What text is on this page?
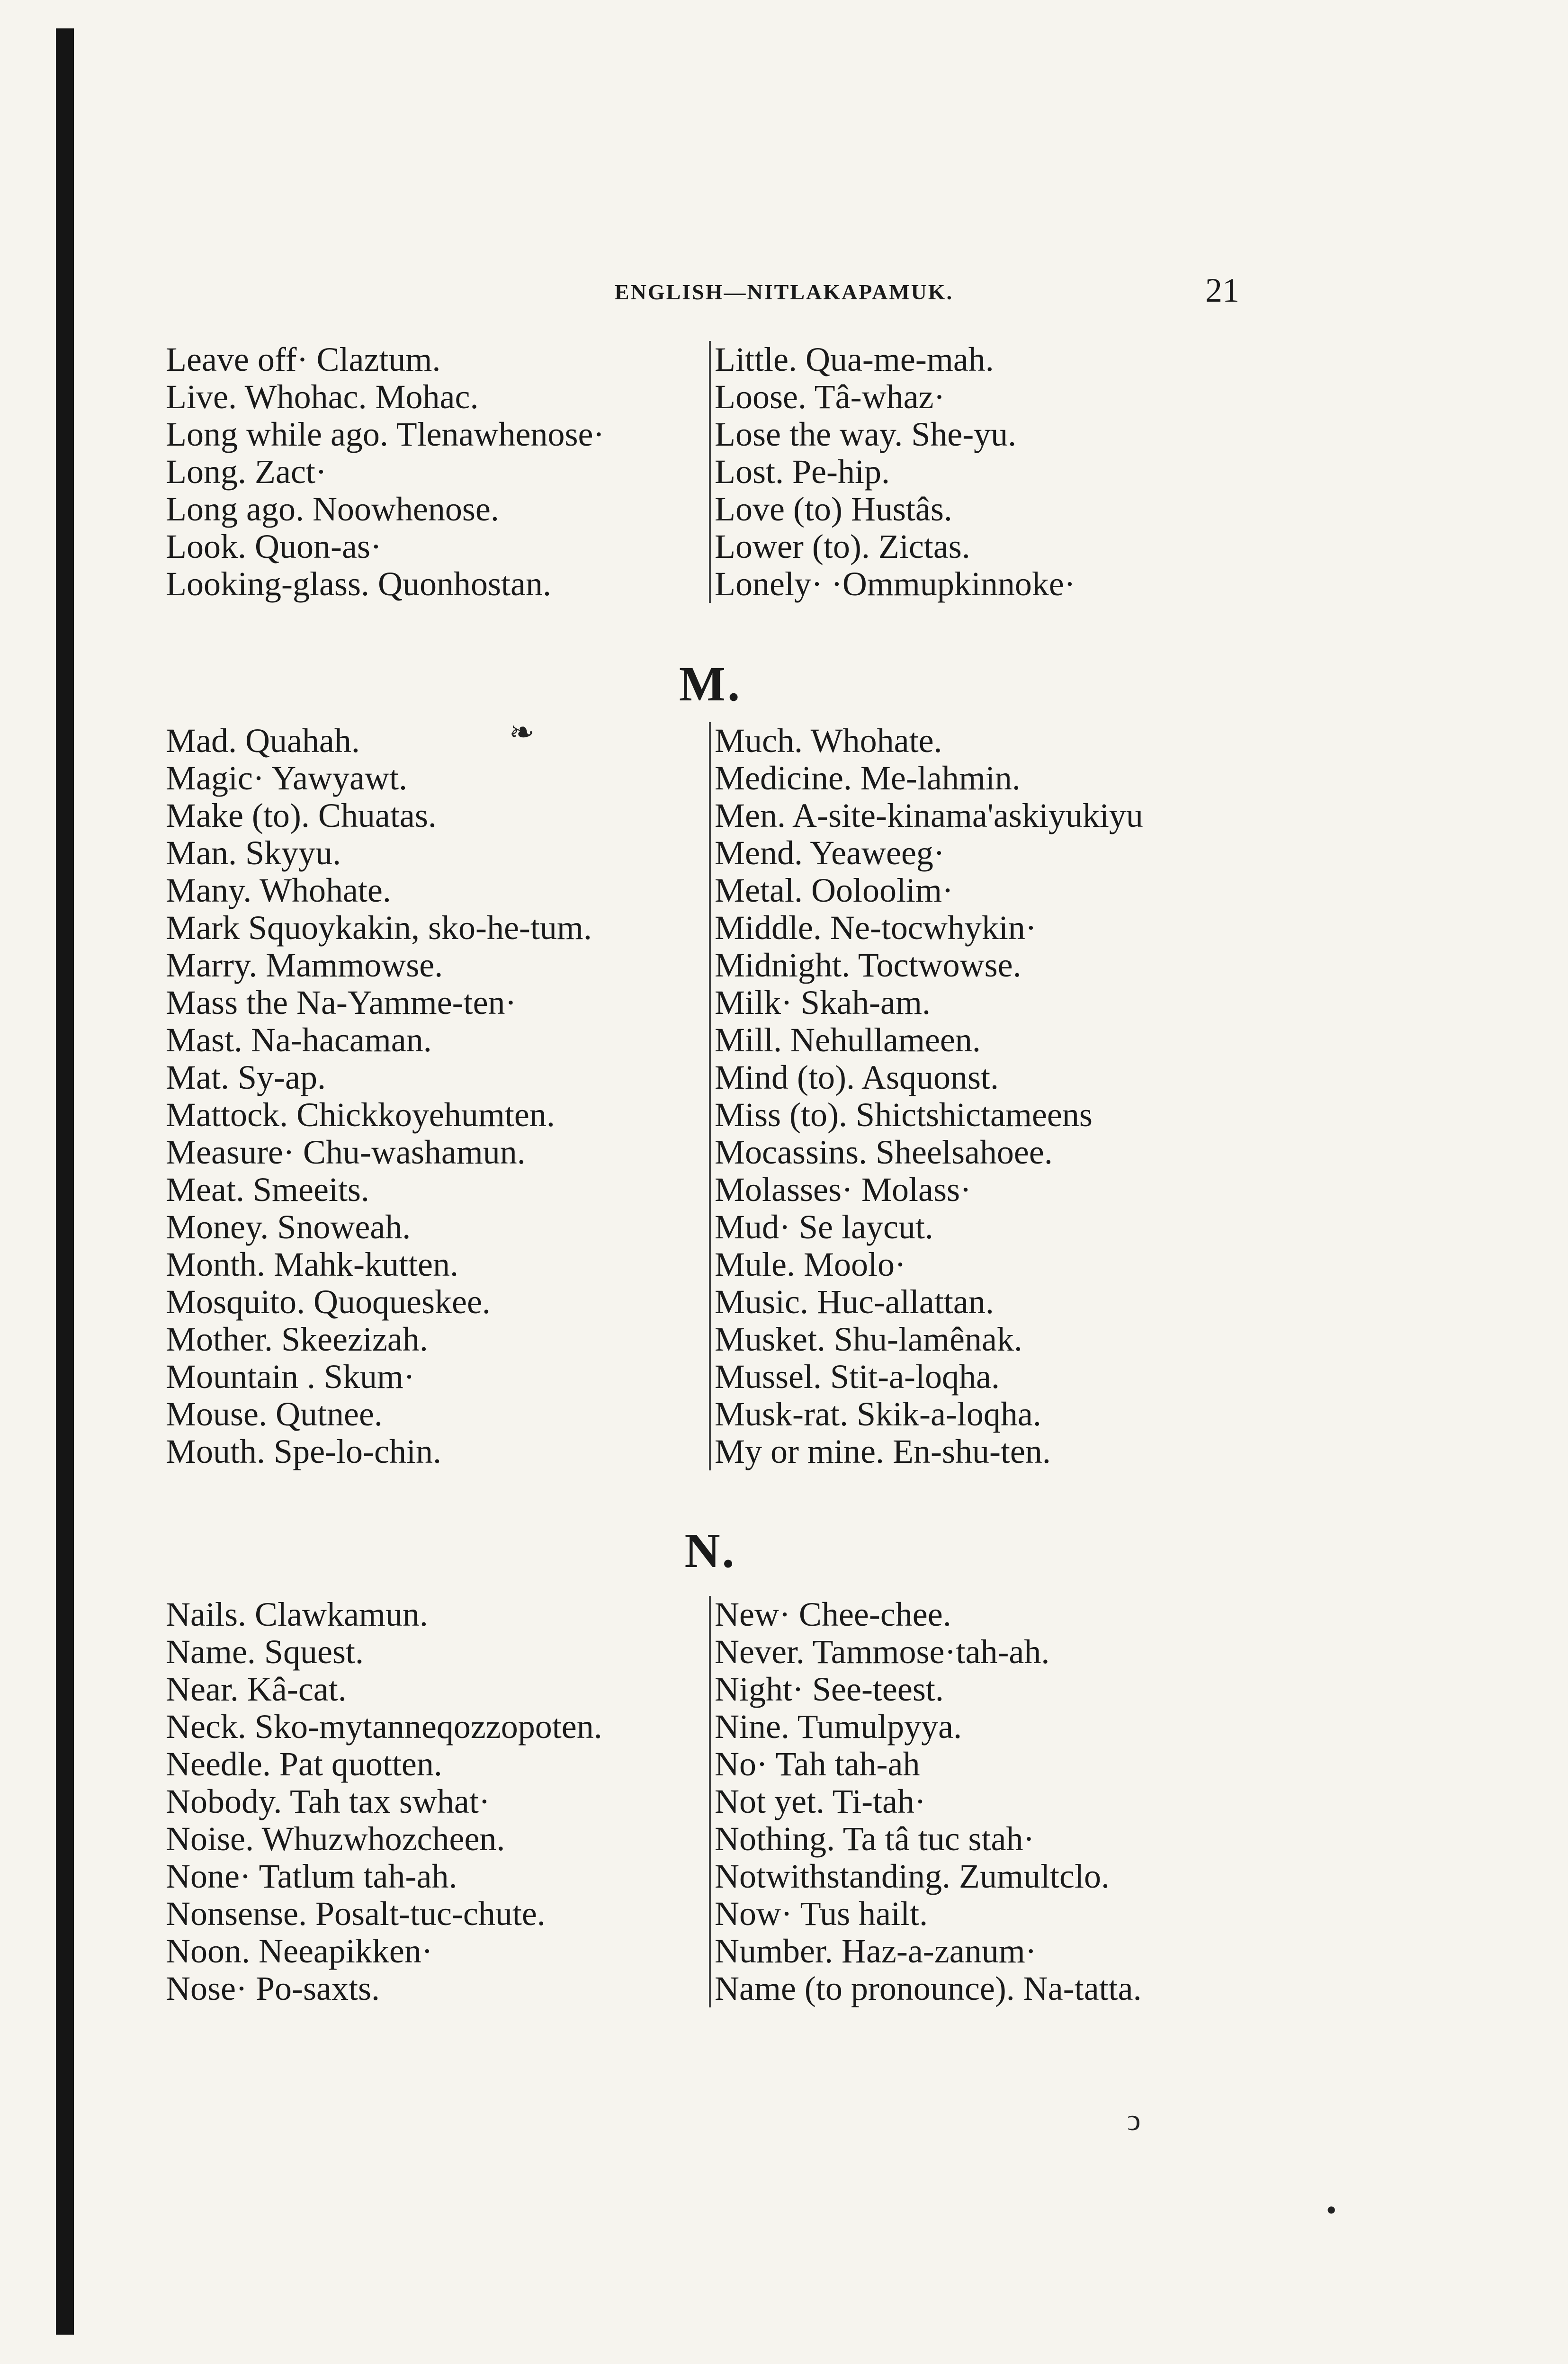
ENGLISH—NITLAKAPAMUK.	21
Leave off· Claztum.
Live. Whohac. Mohac.
Long while ago. Tlenawhenose·
Long. Zact·
Long ago. Noowhenose.
Look. Quon-as·
Looking-glass. Quonhostan.
Little. Qua-me-mah.
Loose. Tâ-whaz·
Lose the way. She-yu.
Lost. Pe-hip.
Love (to) Hustâs.
Lower (to). Zictas.
Lonely· ·Ommupkinnoke·
M.
Mad. Quahah.
Magic· Yawyawt.
Make (to). Chuatas.
Man. Skyyu.
Many. Whohate.
Mark Squoykakin, sko-he-tum.
Marry. Mammowse.
Mass the Na-Yamme-ten·
Mast. Na-hacaman.
Mat. Sy-ap.
Mattock. Chickkoyehumten.
Measure· Chu-washamun.
Meat. Smeeits.
Money. Snoweah.
Month. Mahk-kutten.
Mosquito. Quoqueskee.
Mother. Skeezizah.
Mountain . Skum·
Mouse. Qutnee.
Mouth. Spe-lo-chin.
Much. Whohate.
Medicine. Me-lahmin.
Men. A-site-kinama'askiyukiyu
Mend. Yeaweeg·
Metal. Ooloolim·
Middle. Ne-tocwhykin·
Midnight. Toctwowse.
Milk· Skah-am.
Mill. Nehullameen.
Mind (to). Asquonst.
Miss (to). Shictshictameens
Mocassins. Sheelsahoee.
Molasses· Molass·
Mud· Se laycut.
Mule. Moolo·
Music. Huc-allattan.
Musket. Shu-lamênak.
Mussel. Stit-a-loqha.
Musk-rat. Skik-a-loqha.
My or mine. En-shu-ten.
N.
Nails. Clawkamun.
Name. Squest.
Near. Kâ-cat.
Neck. Sko-mytanneqozzopoten.
Needle. Pat quotten.
Nobody. Tah tax swhat·
Noise. Whuzwhozcheen.
None· Tatlum tah-ah.
Nonsense. Posalt-tuc-chute.
Noon. Neeapikken·
Nose· Po-saxts.
New· Chee-chee.
Never. Tammose·tah-ah.
Night· See-teest.
Nine. Tumulpyya.
No· Tah tah-ah
Not yet. Ti-tah·
Nothing. Ta tâ tuc stah·
Notwithstanding. Zumultclo.
Now· Tus hailt.
Number. Haz-a-zanum·
Name (to pronounce). Na-tatta.
❧
ↄ
•
